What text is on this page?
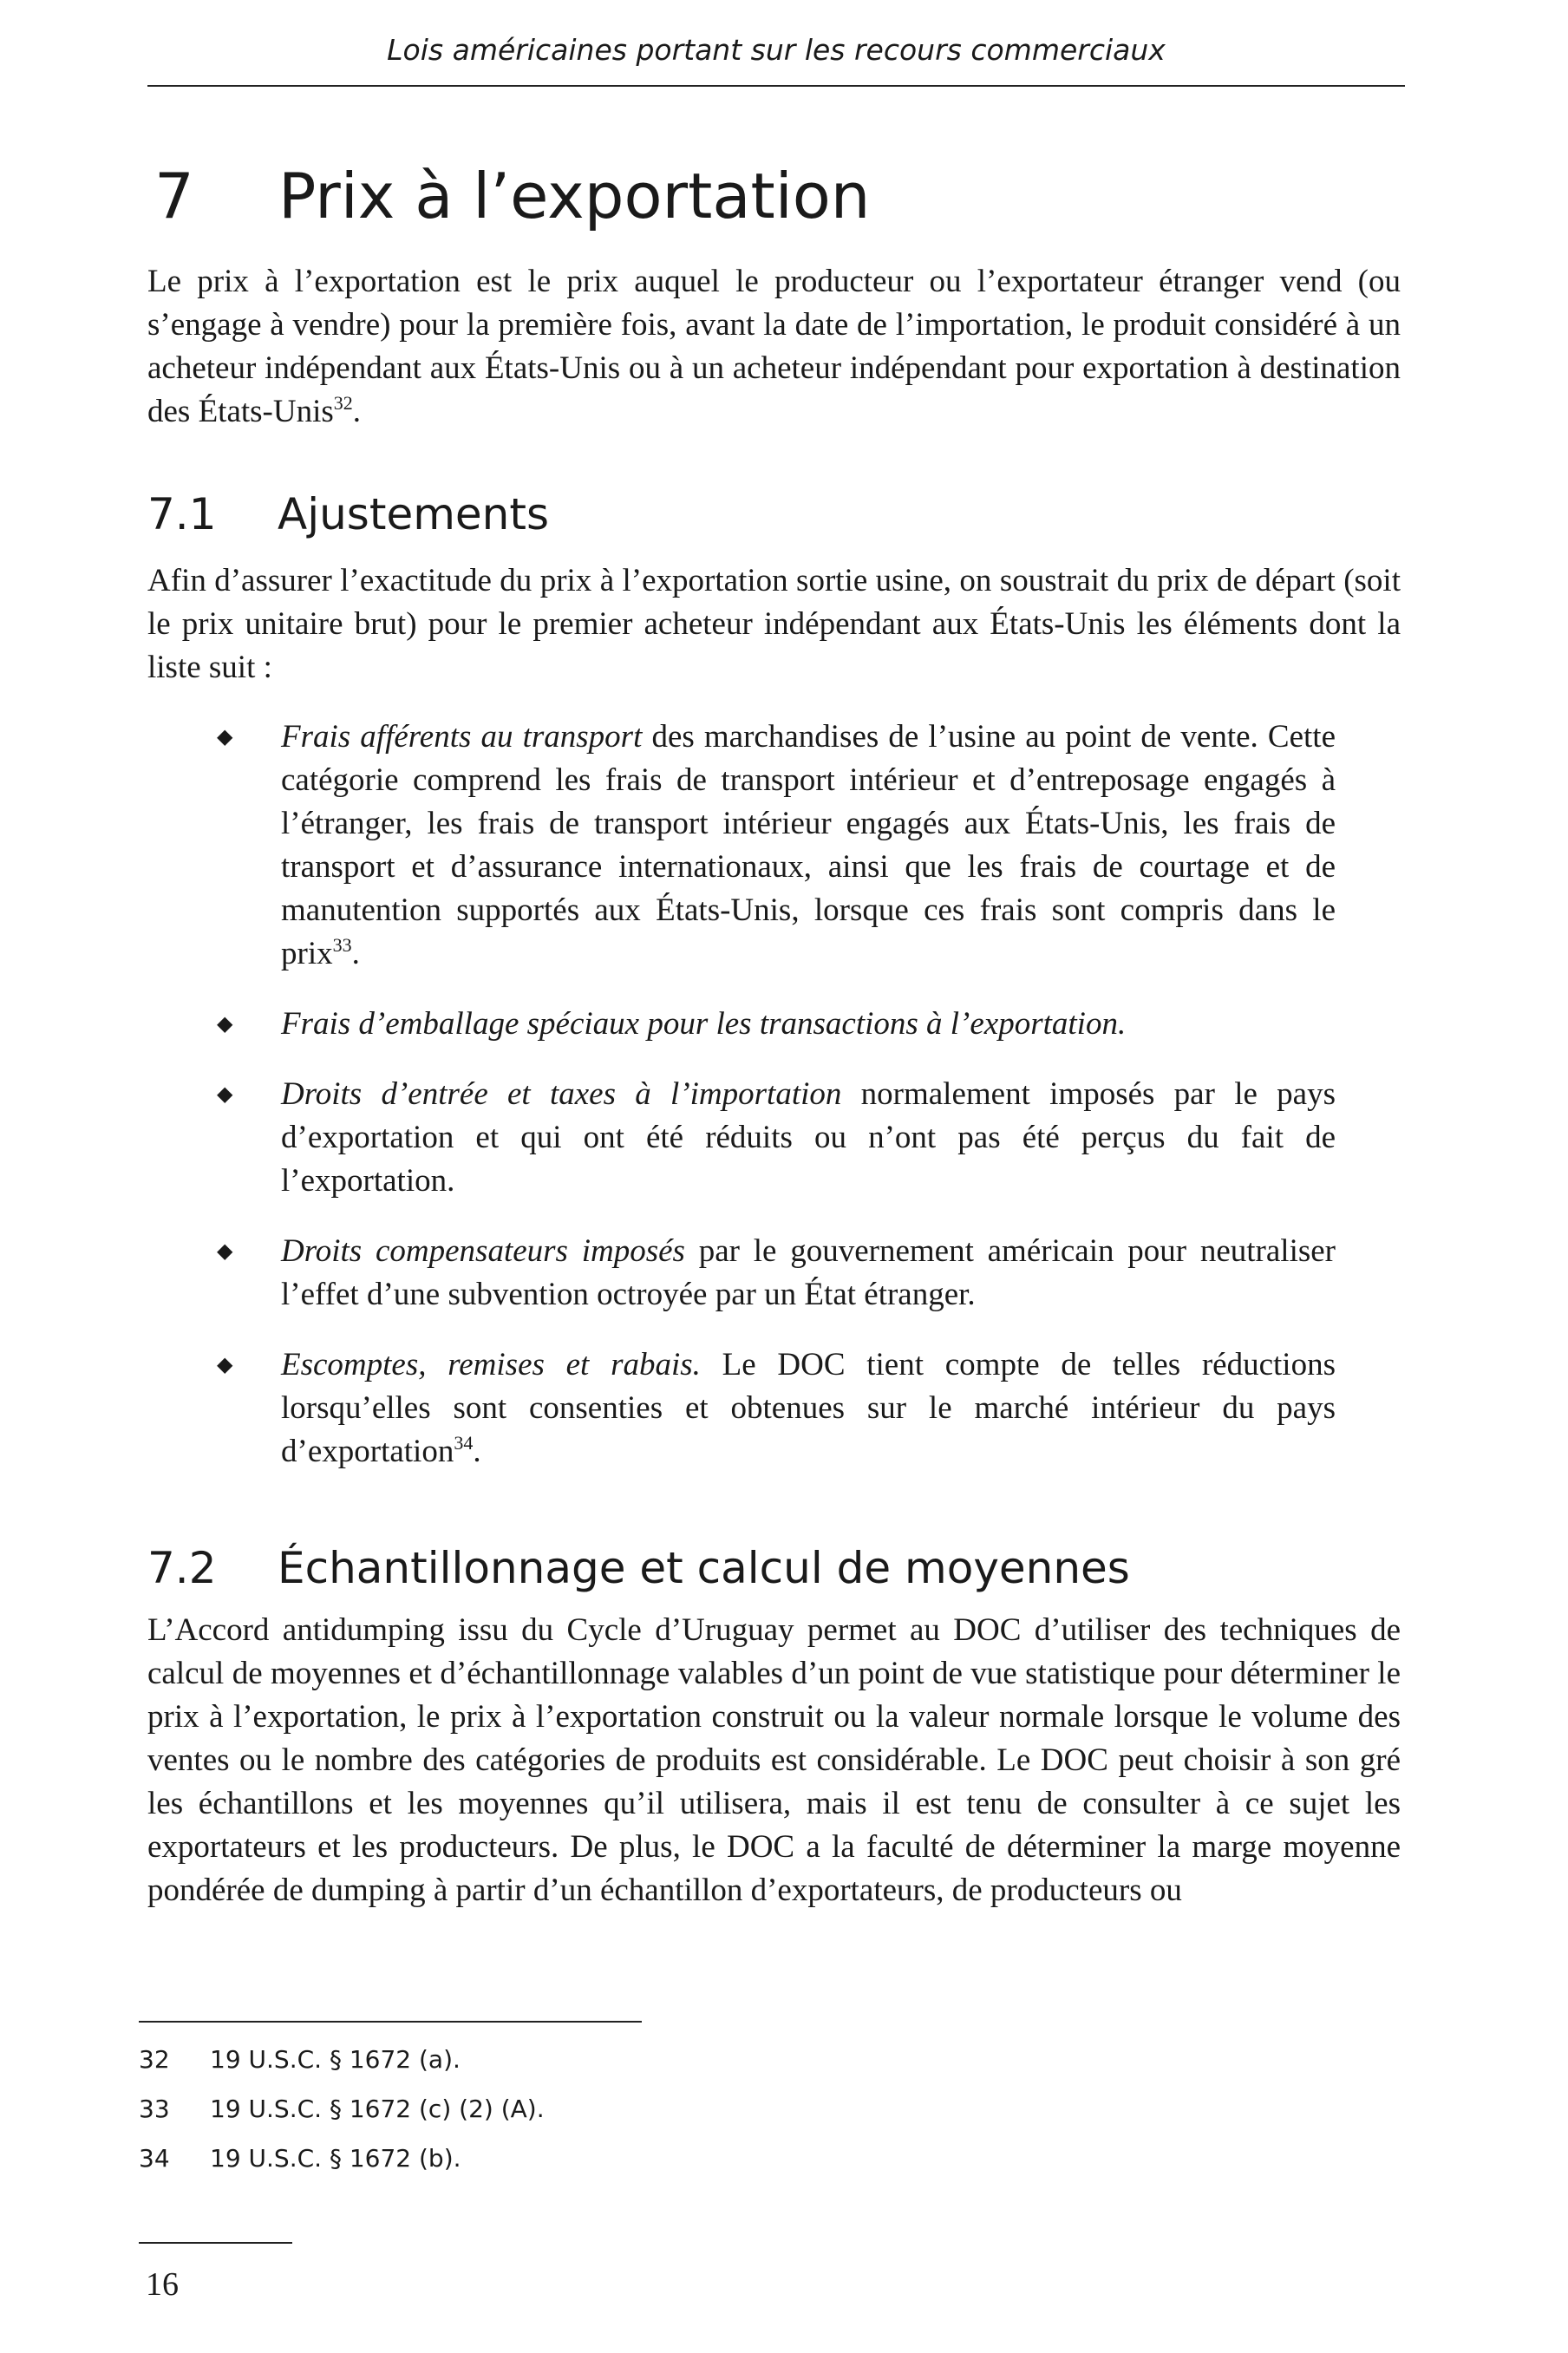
Lois américaines portant sur les recours commerciaux
7 Prix à l’exportation

Le prix à l’exportation est le prix auquel le producteur ou l’exportateur étranger vend (ou s’engage à vendre) pour la première fois, avant la date de l’importation, le produit considéré à un acheteur indépendant aux États-Unis ou à un acheteur indépendant pour exportation à destination des États-Unis$^{32}$.

7.1 Ajustements

Afin d’assurer l’exactitude du prix à l’exportation sortie usine, on soustrait du prix de départ (soit le prix unitaire brut) pour le premier acheteur indépendant aux États-Unis les éléments dont la liste suit :

◆ Frais afférents au transport des marchandises de l’usine au point de vente. Cette catégorie comprend les frais de transport intérieur et d’entreposage engagés à l’étranger, les frais de transport intérieur engagés aux États-Unis, les frais de transport et d’assurance internationaux, ainsi que les frais de courtage et de manutention supportés aux États-Unis, lorsque ces frais sont compris dans le prix$^{33}$.
◆ Frais d’emballage spéciaux pour les transactions à l’exportation.
◆ Droits d’entrée et taxes à l’importation normalement imposés par le pays d’exportation et qui ont été réduits ou n’ont pas été perçus du fait de l’exportation.
◆ Droits compensateurs imposés par le gouvernement américain pour neutraliser l’effet d’une subvention octroyée par un État étranger.
◆ Escomptes, remises et rabais. Le DOC tient compte de telles réductions lorsqu’elles sont consenties et obtenues sur le marché intérieur du pays d’exportation$^{34}$.
7.2 Échantillonnage et calcul de moyennes

L’Accord antidumping issu du Cycle d’Uruguay permet au DOC d’utiliser des techniques de calcul de moyennes et d’échantillonnage valables d’un point de vue statistique pour déterminer le prix à l’exportation, le prix à l’exportation construit ou la valeur normale lorsque le volume des ventes ou le nombre des catégories de produits est considérable. Le DOC peut choisir à son gré les échantillons et les moyennes qu’il utilisera, mais il est tenu de consulter à ce sujet les exportateurs et les producteurs. De plus, le DOC a la faculté de déterminer la marge moyenne pondérée de dumping à partir d’un échantillon d’exportateurs, de producteurs ou

32 19 U.S.C. § 1672 (a).
33 19 U.S.C. § 1672 (c) (2) (A).
34 19 U.S.C. § 1672 (b).
16
